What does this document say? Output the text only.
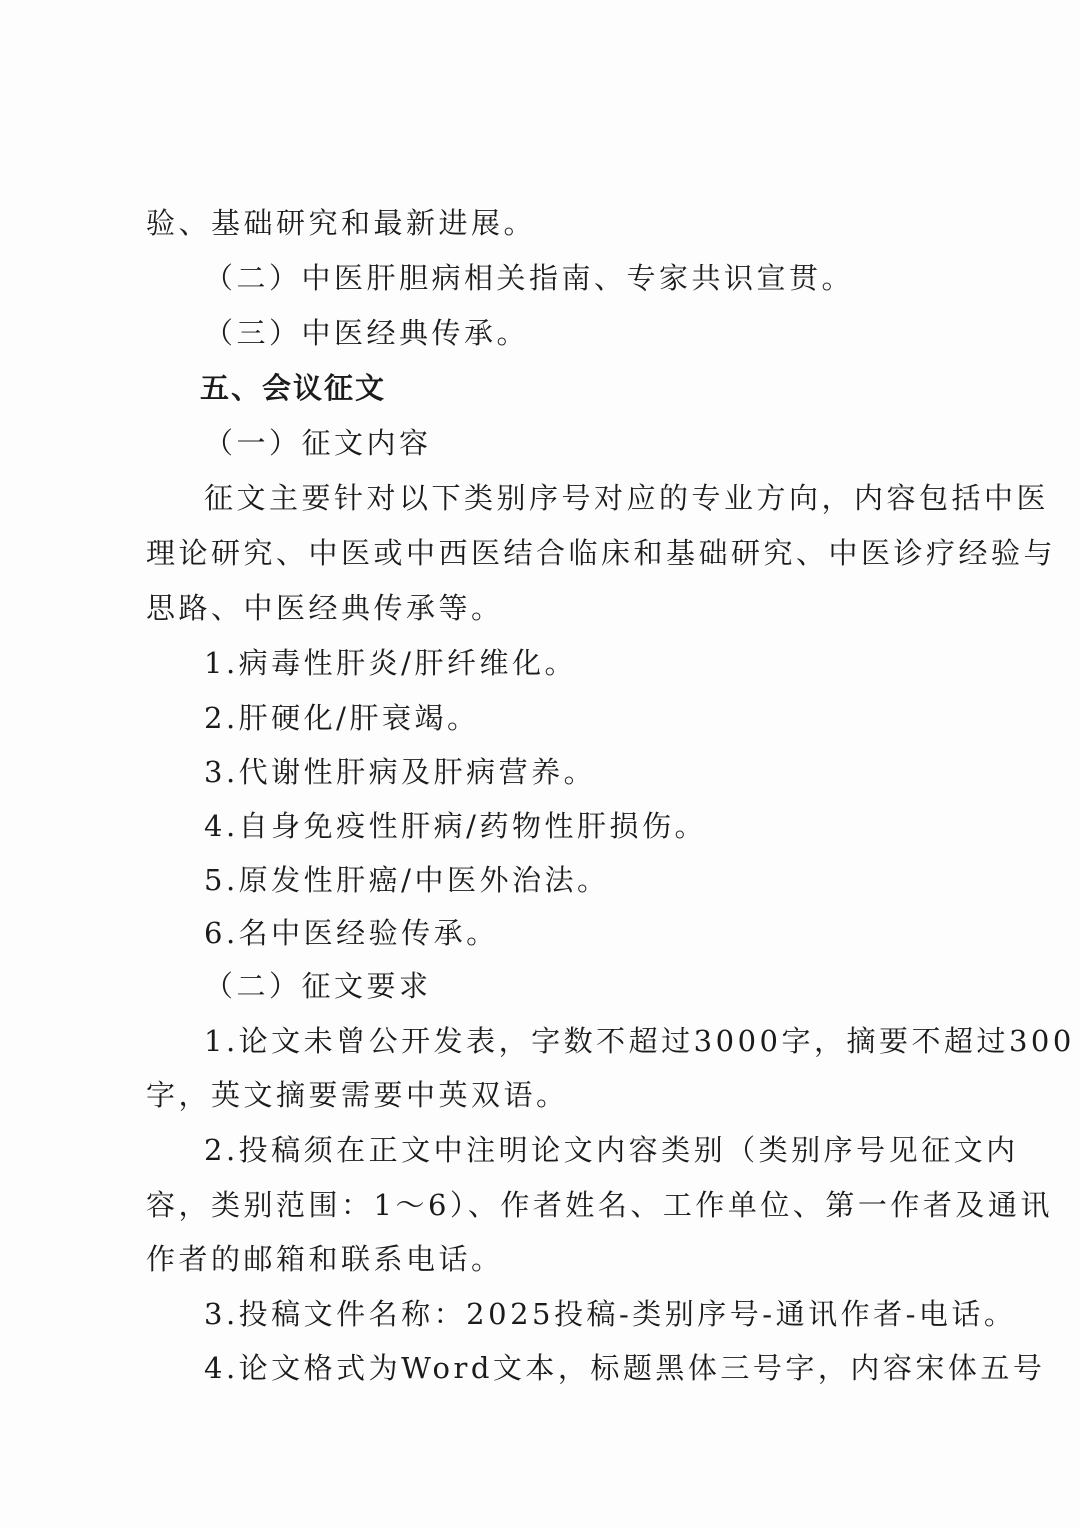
验、基础研究和最新进展。
（二）中医肝胆病相关指南、专家共识宣贯。
（三）中医经典传承。
五、会议征文
（一）征文内容
征文主要针对以下类别序号对应的专业方向，内容包括中医
理论研究、中医或中西医结合临床和基础研究、中医诊疗经验与
思路、中医经典传承等。
1.病毒性肝炎/肝纤维化。
2.肝硬化/肝衰竭。
3.代谢性肝病及肝病营养。
4.自身免疫性肝病/药物性肝损伤。
5.原发性肝癌/中医外治法。
6.名中医经验传承。
（二）征文要求
1.论文未曾公开发表，字数不超过3000字，摘要不超过300
字，英文摘要需要中英双语。
2.投稿须在正文中注明论文内容类别（类别序号见征文内
容，类别范围：1～6）、作者姓名、工作单位、第一作者及通讯
作者的邮箱和联系电话。
3.投稿文件名称：2025投稿-类别序号-通讯作者-电话。
4.论文格式为Word文本，标题黑体三号字，内容宋体五号
